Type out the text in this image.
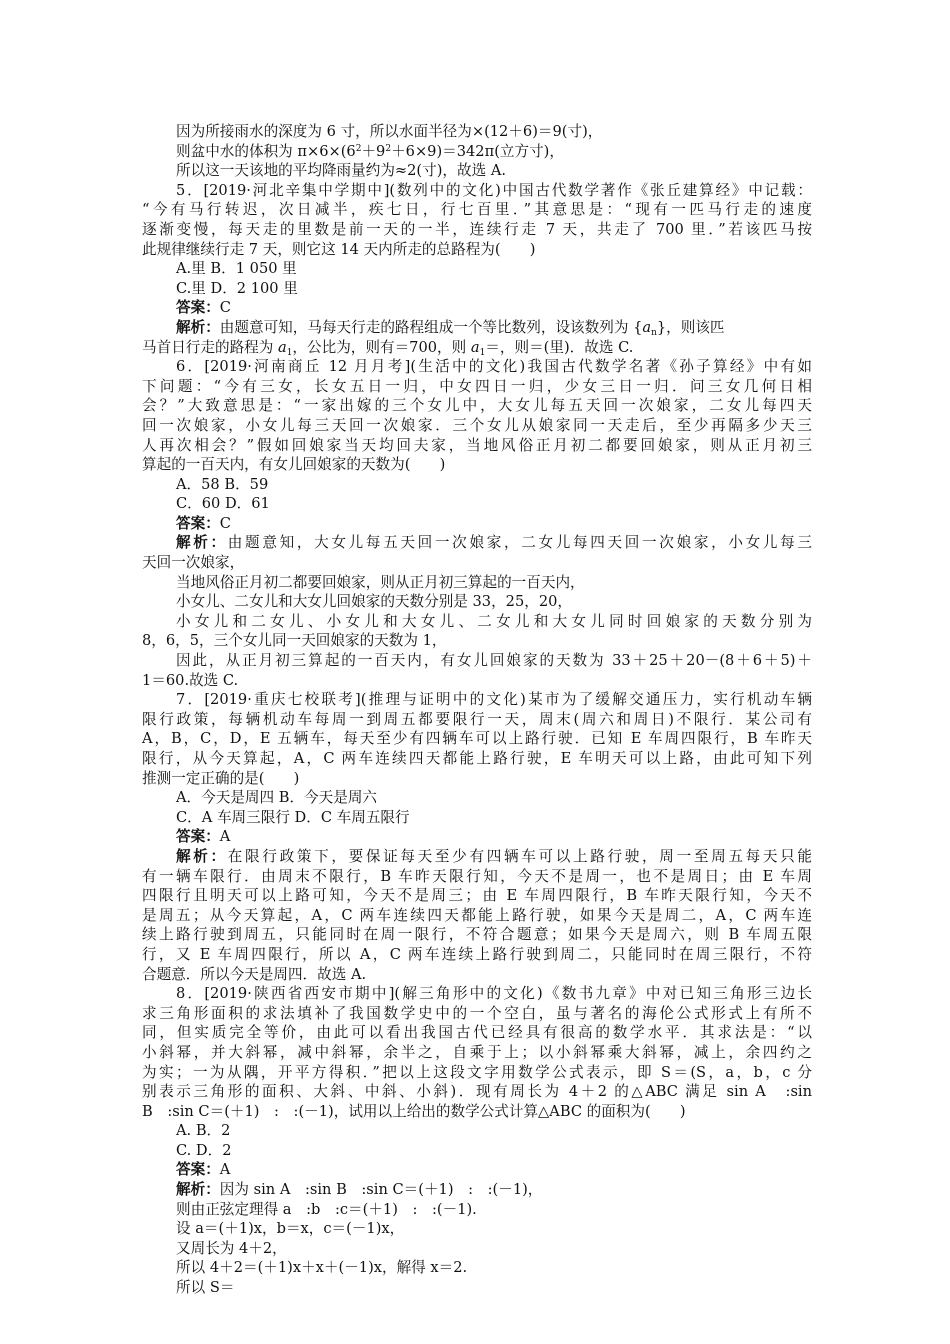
因为所接雨水的深度为 6 寸，所以水面半径为×(12＋6)＝9(寸)，
则盆中水的体积为 $\pi\times 6\times(6^2+9^2+6\times 9)=342\pi$(立方寸)，
所以这一天该地的平均降雨量约为≈2(寸)，故选 A.
5．[2019·河北辛集中学期中](数列中的文化)中国古代数学著作《张丘建算经》中记载：
“今有马行转迟，次日减半，疾七日，行七百里．”其意思是：“现有一匹马行走的速度
逐渐变慢，每天走的里数是前一天的一半，连续行走 7 天，共走了 700 里．”若该匹马按
此规律继续行走 7 天，则它这 14 天内所走的总路程为(　　)
A.里 B．1 050 里
C.里 D．2 100 里
答案：C
解析：由题意可知，马每天行走的路程组成一个等比数列，设该数列为 $\{a_n\}$，则该匹
马首日行走的路程为 $a_1$，公比为，则有＝700，则 $a_1=$，则＝(里)．故选 C.
6．[2019·河南商丘 12 月月考](生活中的文化)我国古代数学名著《孙子算经》中有如
下问题：“今有三女，长女五日一归，中女四日一归，少女三日一归．问三女几何日相
会？”大致意思是：“一家出嫁的三个女儿中，大女儿每五天回一次娘家，二女儿每四天
回一次娘家，小女儿每三天回一次娘家．三个女儿从娘家同一天走后，至少再隔多少天三
人再次相会？”假如回娘家当天均回夫家，当地风俗正月初二都要回娘家，则从正月初三
算起的一百天内，有女儿回娘家的天数为(　　)
A．58 B．59
C．60 D．61
答案：C
解析：由题意知，大女儿每五天回一次娘家，二女儿每四天回一次娘家，小女儿每三
天回一次娘家，
当地风俗正月初二都要回娘家，则从正月初三算起的一百天内，
小女儿、二女儿和大女儿回娘家的天数分别是 33，25，20，
小女儿和二女儿、小女儿和大女儿、二女儿和大女儿同时回娘家的天数分别为
8，6，5，三个女儿同一天回娘家的天数为 1，
因此，从正月初三算起的一百天内，有女儿回娘家的天数为 33＋25＋20－(8＋6＋5)＋
1＝60.故选 C.
7．[2019·重庆七校联考](推理与证明中的文化)某市为了缓解交通压力，实行机动车辆
限行政策，每辆机动车每周一到周五都要限行一天，周末(周六和周日)不限行．某公司有
A，B，C，D，E 五辆车，每天至少有四辆车可以上路行驶．已知 E 车周四限行，B 车昨天
限行，从今天算起，A，C 两车连续四天都能上路行驶，E 车明天可以上路，由此可知下列
推测一定正确的是(　　)
A．今天是周四 B．今天是周六
C．A 车周三限行 D．C 车周五限行
答案：A
解析：在限行政策下，要保证每天至少有四辆车可以上路行驶，周一至周五每天只能
有一辆车限行．由周末不限行，B 车昨天限行知，今天不是周一，也不是周日；由 E 车周
四限行且明天可以上路可知，今天不是周三；由 E 车周四限行，B 车昨天限行知，今天不
是周五；从今天算起，A，C 两车连续四天都能上路行驶，如果今天是周二，A，C 两车连
续上路行驶到周五，只能同时在周一限行，不符合题意；如果今天是周六，则 B 车周五限
行，又 E 车周四限行，所以 A，C 两车连续上路行驶到周二，只能同时在周三限行，不符
合题意．所以今天是周四．故选 A.
8．[2019·陕西省西安市期中](解三角形中的文化)《数书九章》中对已知三角形三边长
求三角形面积的求法填补了我国数学史中的一个空白，虽与著名的海伦公式形式上有所不
同，但实质完全等价，由此可以看出我国古代已经具有很高的数学水平．其求法是：“以
小斜幂，并大斜幂，减中斜幂，余半之，自乘于上；以小斜幂乘大斜幂，减上，余四约之
为实；一为从隅，开平方得积．”把以上这段文字用数学公式表示，即 S＝(S，a，b，c 分
别表示三角形的面积、大斜、中斜、小斜)．现有周长为 4＋2 的△ABC 满足 sin A　:sin
B　:sin C＝(＋1)　:　:(－1)，试用以上给出的数学公式计算△ABC 的面积为(　　)
A. B．2
C. D．2
答案：A
解析：因为 sin A　:sin B　:sin C＝(＋1)　:　:(－1)，
则由正弦定理得 a　:b　:c＝(＋1)　:　:(－1).
设 a＝(＋1)x，b＝x，c＝(－1)x，
又周长为 4＋2，
所以 4＋2＝(＋1)x＋x＋(－1)x，解得 x＝2.
所以 S＝
